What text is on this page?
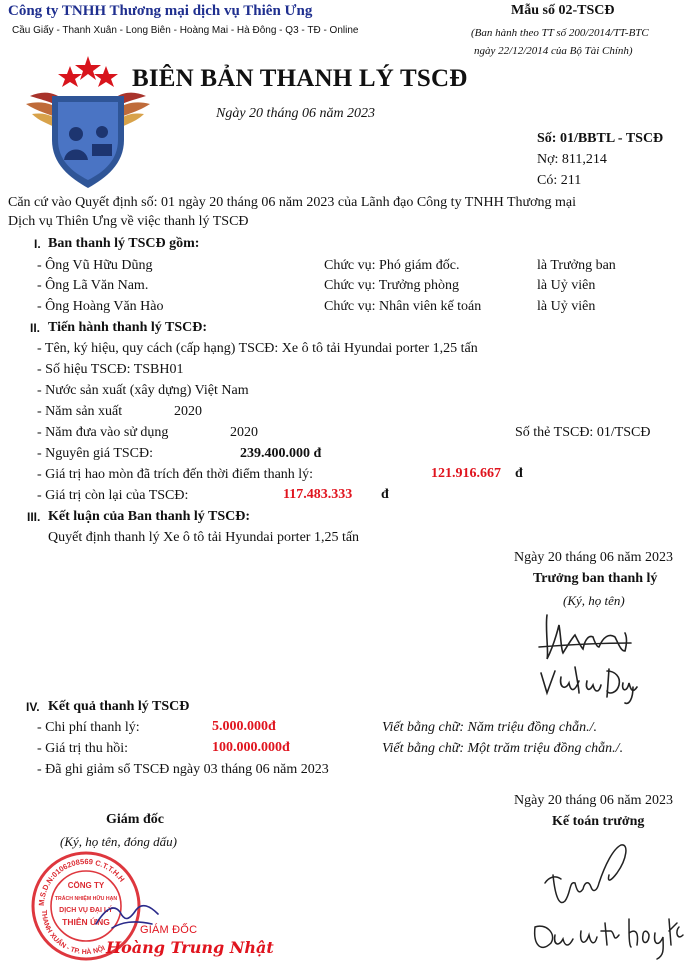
Công ty TNHH Thương mại dịch vụ Thiên Ưng
Cầu Giấy - Thanh Xuân - Long Biên - Hoàng Mai - Hà Đông - Q3 - TĐ - Online
Mẫu số 02-TSCĐ
(Ban hành theo TT số 200/2014/TT-BTC
ngày 22/12/2014 của Bộ Tài Chính)
BIÊN BẢN THANH LÝ TSCĐ
Ngày 20 tháng 06 năm 2023
Số: 01/BBTL - TSCĐ
Nợ: 811,214
Có: 211
Căn cứ vào Quyết định số: 01 ngày 20 tháng 06 năm 2023 của Lãnh đạo Công ty TNHH Thương mại
Dịch vụ Thiên Ưng về việc thanh lý TSCĐ
I. Ban thanh lý TSCĐ gồm:
- Ông Vũ Hữu Dũng	Chức vụ: Phó giám đốc.	là Trưởng ban
- Ông Lã Văn Nam.	Chức vụ: Trưởng phòng	là Uỷ viên
- Ông Hoàng Văn Hào	Chức vụ: Nhân viên kế toán	là Uỷ viên
II. Tiến hành thanh lý TSCĐ:
- Tên, ký hiệu, quy cách (cấp hạng) TSCĐ: Xe ô tô tải Hyundai porter 1,25 tấn
- Số hiệu TSCĐ: TSBH01
- Nước sản xuất (xây dựng) Việt Nam
- Năm sản xuất	2020
- Năm đưa vào sử dụng	2020	Số thẻ TSCĐ: 01/TSCĐ
- Nguyên giá TSCĐ:	239.400.000 đ
- Giá trị hao mòn đã trích đến thời điểm thanh lý:	121.916.667 đ
- Giá trị còn lại của TSCĐ:	117.483.333 đ
III. Kết luận của Ban thanh lý TSCĐ:
Quyết định thanh lý Xe ô tô tải Hyundai porter 1,25 tấn
Ngày 20 tháng 06 năm 2023
Trưởng ban thanh lý
(Ký, họ tên)
IV. Kết quả thanh lý TSCĐ
- Chi phí thanh lý:	5.000.000đ	Viết bằng chữ: Năm triệu đồng chẵn./.
- Giá trị thu hồi:	100.000.000đ	Viết bằng chữ: Một trăm triệu đồng chẵn./.
- Đã ghi giảm sổ TSCĐ ngày 03 tháng 06 năm 2023
Ngày 20 tháng 06 năm 2023
Kế toán trưởng
Giám đốc
(Ký, họ tên, đóng dấu)
M.S.D.N:0106208569 C.T.T.H.H
THANH XUÂN - TP. HÀ NỘI
CÔNG TY
TRÁCH NHIỆM HỮU HẠN
DỊCH VỤ ĐẠI LÝ
THIÊN ỨNG
GIÁM ĐỐC
Hoàng Trung Nhật
